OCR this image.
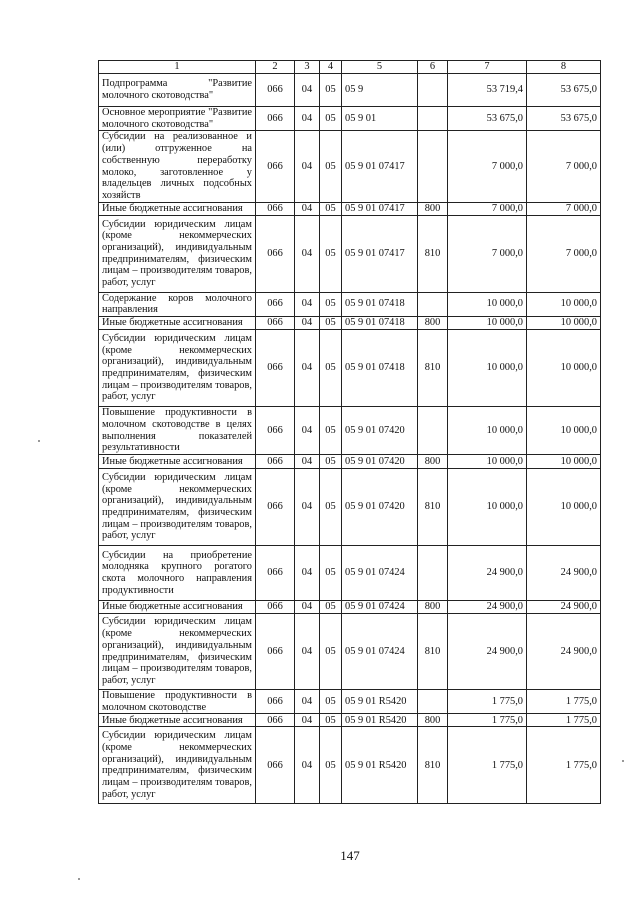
1	2	3	4	5	6	7	8
Подпрограмма "Развитие молочного скотоводства"	066	04	05	05 9		53 719,4	53 675,0
Основное мероприятие "Развитие молочного скотоводства"	066	04	05	05 9 01		53 675,0	53 675,0
Субсидии на реализованное и (или) отгруженное на собственную переработку молоко, заготовленное у владельцев личных подсобных хозяйств	066	04	05	05 9 01 07417		7 000,0	7 000,0
Иные бюджетные ассигнования	066	04	05	05 9 01 07417	800	7 000,0	7 000,0
Субсидии юридическим лицам (кроме некоммерческих организаций), индивидуальным предпринимателям, физическим лицам – производителям товаров, работ, услуг	066	04	05	05 9 01 07417	810	7 000,0	7 000,0
Содержание коров молочного направления	066	04	05	05 9 01 07418		10 000,0	10 000,0
Иные бюджетные ассигнования	066	04	05	05 9 01 07418	800	10 000,0	10 000,0
Субсидии юридическим лицам (кроме некоммерческих организаций), индивидуальным предпринимателям, физическим лицам – производителям товаров, работ, услуг	066	04	05	05 9 01 07418	810	10 000,0	10 000,0
Повышение продуктивности в молочном скотоводстве в целях выполнения показателей результативности	066	04	05	05 9 01 07420		10 000,0	10 000,0
Иные бюджетные ассигнования	066	04	05	05 9 01 07420	800	10 000,0	10 000,0
Субсидии юридическим лицам (кроме некоммерческих организаций), индивидуальным предпринимателям, физическим лицам – производителям товаров, работ, услуг	066	04	05	05 9 01 07420	810	10 000,0	10 000,0
Субсидии на приобретение молодняка крупного рогатого скота молочного направления продуктивности	066	04	05	05 9 01 07424		24 900,0	24 900,0
Иные бюджетные ассигнования	066	04	05	05 9 01 07424	800	24 900,0	24 900,0
Субсидии юридическим лицам (кроме некоммерческих организаций), индивидуальным предпринимателям, физическим лицам – производителям товаров, работ, услуг	066	04	05	05 9 01 07424	810	24 900,0	24 900,0
Повышение продуктивности в молочном скотоводстве	066	04	05	05 9 01 R5420		1 775,0	1 775,0
Иные бюджетные ассигнования	066	04	05	05 9 01 R5420	800	1 775,0	1 775,0
Субсидии юридическим лицам (кроме некоммерческих организаций), индивидуальным предпринимателям, физическим лицам – производителям товаров, работ, услуг	066	04	05	05 9 01 R5420	810	1 775,0	1 775,0
147
